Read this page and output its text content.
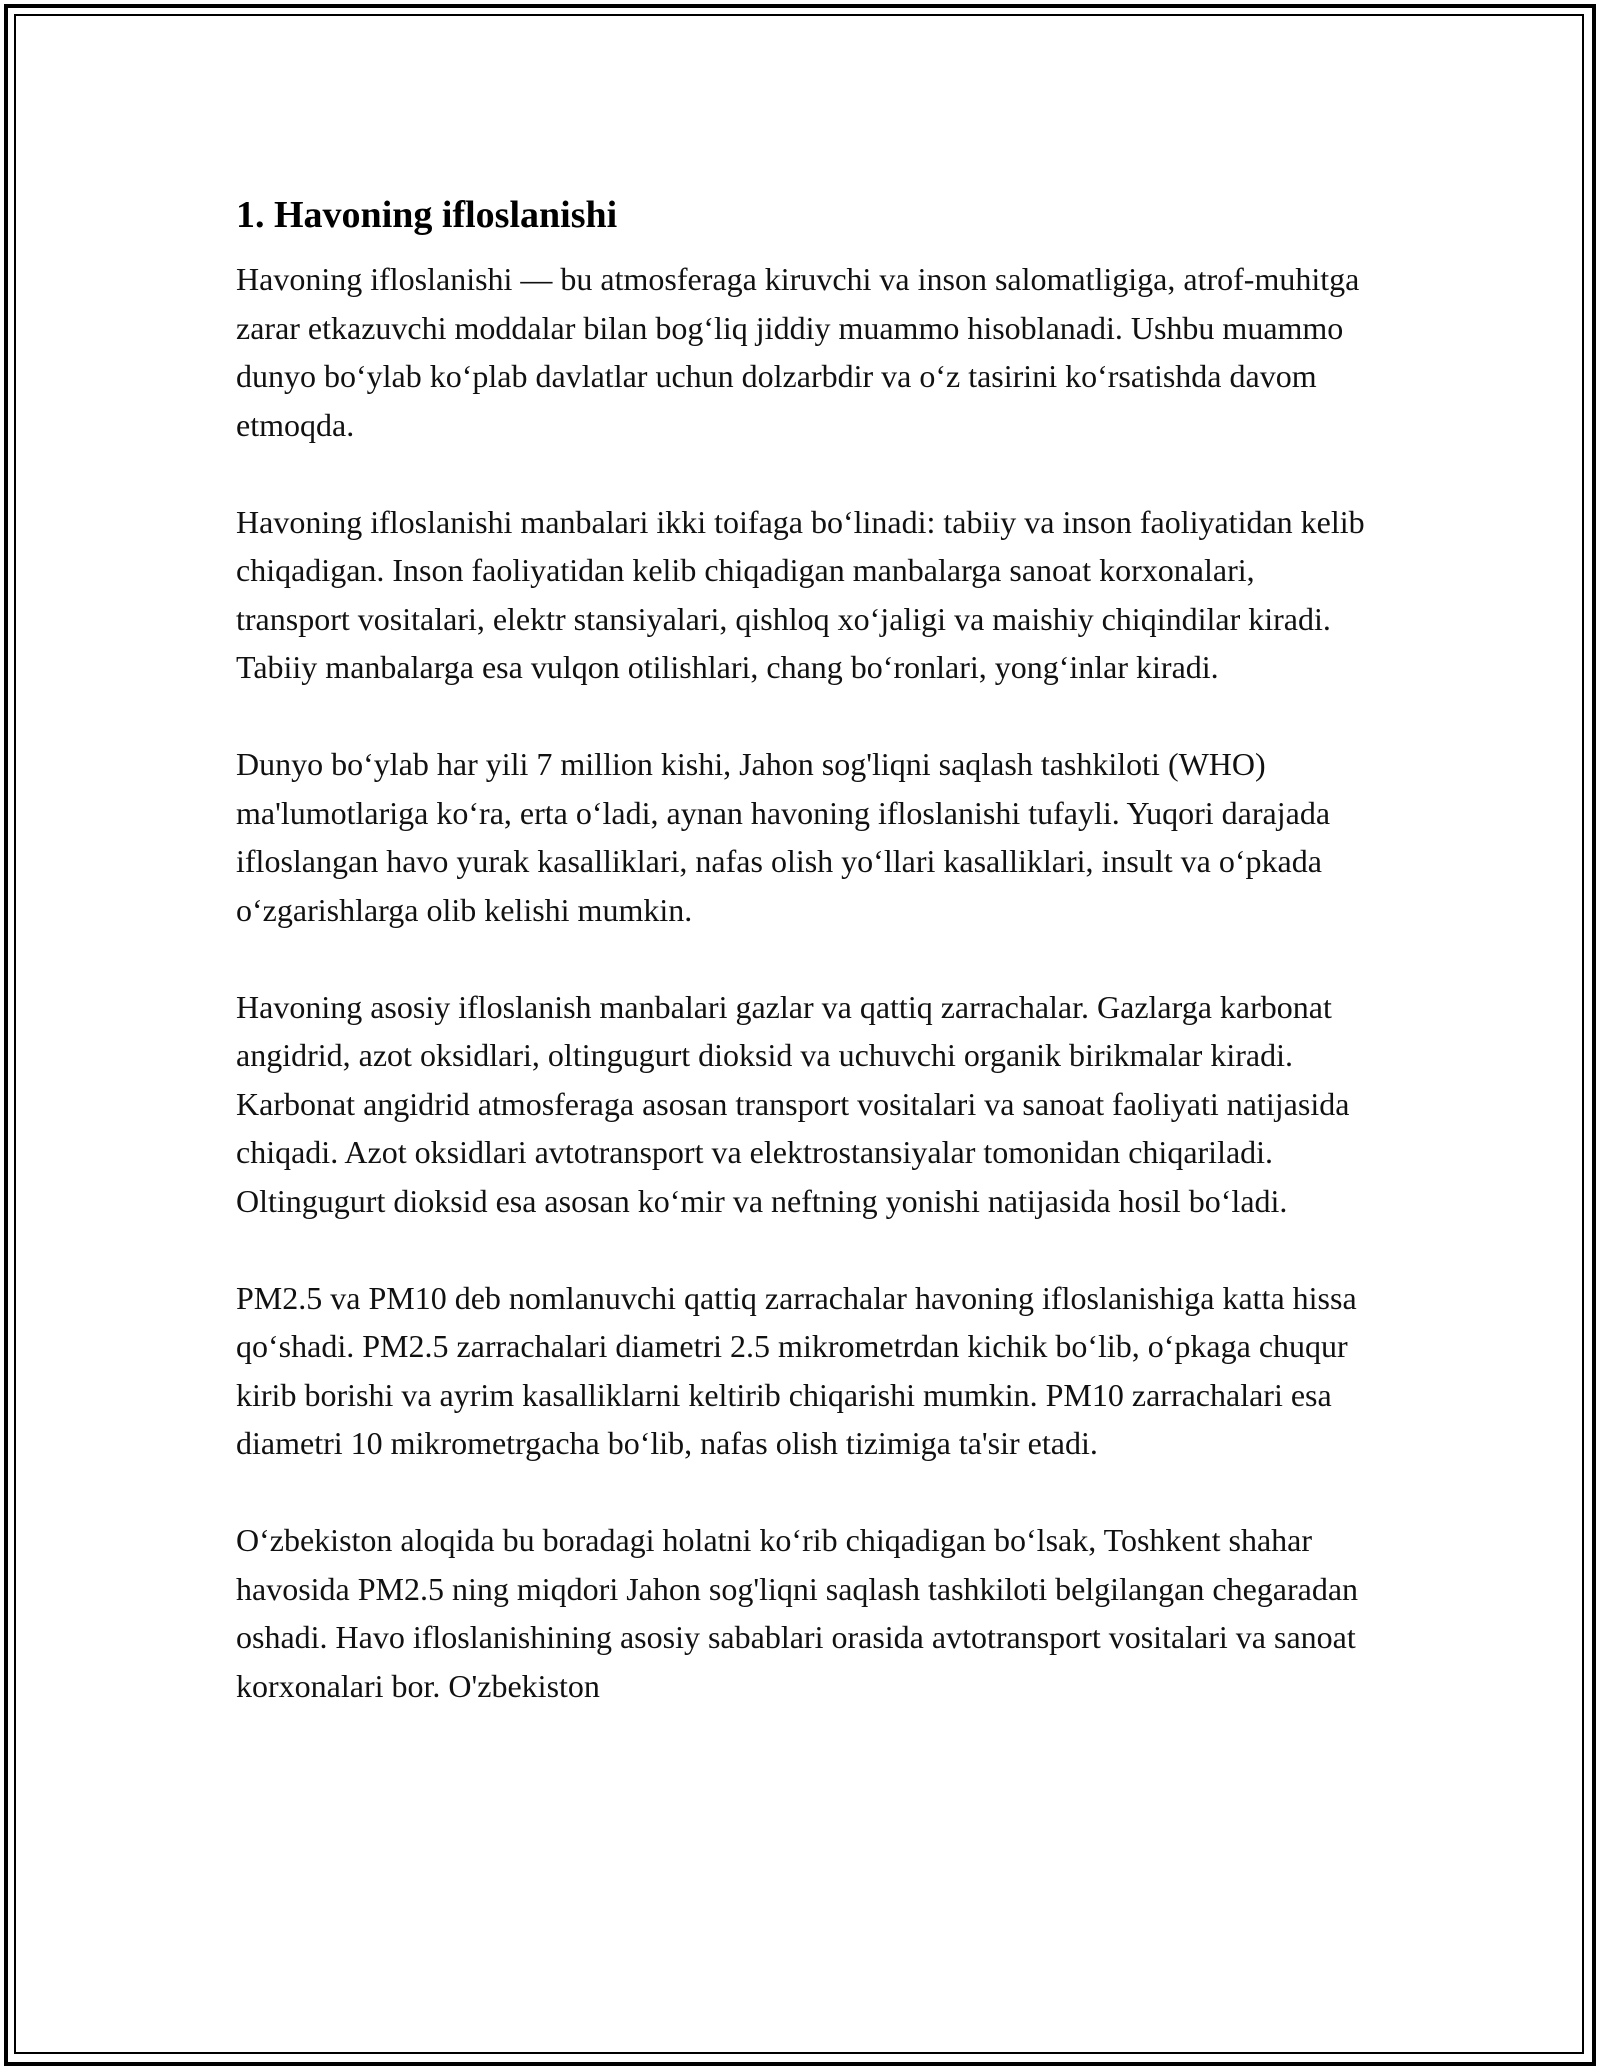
1. Havoning ifloslanishi

Havoning ifloslanishi — bu atmosferaga kiruvchi va inson salomatligiga, atrof-muhitga zarar etkazuvchi moddalar bilan bog‘liq jiddiy muammo hisoblanadi. Ushbu muammo dunyo bo‘ylab ko‘plab davlatlar uchun dolzarbdir va o‘z tasirini ko‘rsatishda davom etmoqda.

Havoning ifloslanishi manbalari ikki toifaga bo‘linadi: tabiiy va inson faoliyatidan kelib chiqadigan. Inson faoliyatidan kelib chiqadigan manbalarga sanoat korxonalari, transport vositalari, elektr stansiyalari, qishloq xo‘jaligi va maishiy chiqindilar kiradi. Tabiiy manbalarga esa vulqon otilishlari, chang bo‘ronlari, yong‘inlar kiradi.

Dunyo bo‘ylab har yili 7 million kishi, Jahon sog'liqni saqlash tashkiloti (WHO) ma'lumotlariga ko‘ra, erta o‘ladi, aynan havoning ifloslanishi tufayli. Yuqori darajada ifloslangan havo yurak kasalliklari, nafas olish yo‘llari kasalliklari, insult va o‘pkada o‘zgarishlarga olib kelishi mumkin.

Havoning asosiy ifloslanish manbalari gazlar va qattiq zarrachalar. Gazlarga karbonat angidrid, azot oksidlari, oltingugurt dioksid va uchuvchi organik birikmalar kiradi. Karbonat angidrid atmosferaga asosan transport vositalari va sanoat faoliyati natijasida chiqadi. Azot oksidlari avtotransport va elektrostansiyalar tomonidan chiqariladi. Oltingugurt dioksid esa asosan ko‘mir va neftning yonishi natijasida hosil bo‘ladi.

PM2.5 va PM10 deb nomlanuvchi qattiq zarrachalar havoning ifloslanishiga katta hissa qo‘shadi. PM2.5 zarrachalari diametri 2.5 mikrometrdan kichik bo‘lib, o‘pkaga chuqur kirib borishi va ayrim kasalliklarni keltirib chiqarishi mumkin. PM10 zarrachalari esa diametri 10 mikrometrgacha bo‘lib, nafas olish tizimiga ta'sir etadi.

O‘zbekiston aloqida bu boradagi holatni ko‘rib chiqadigan bo‘lsak, Toshkent shahar havosida PM2.5 ning miqdori Jahon sog'liqni saqlash tashkiloti belgilangan chegaradan oshadi. Havo ifloslanishining asosiy sabablari orasida avtotransport vositalari va sanoat korxonalari bor. O'zbekiston
